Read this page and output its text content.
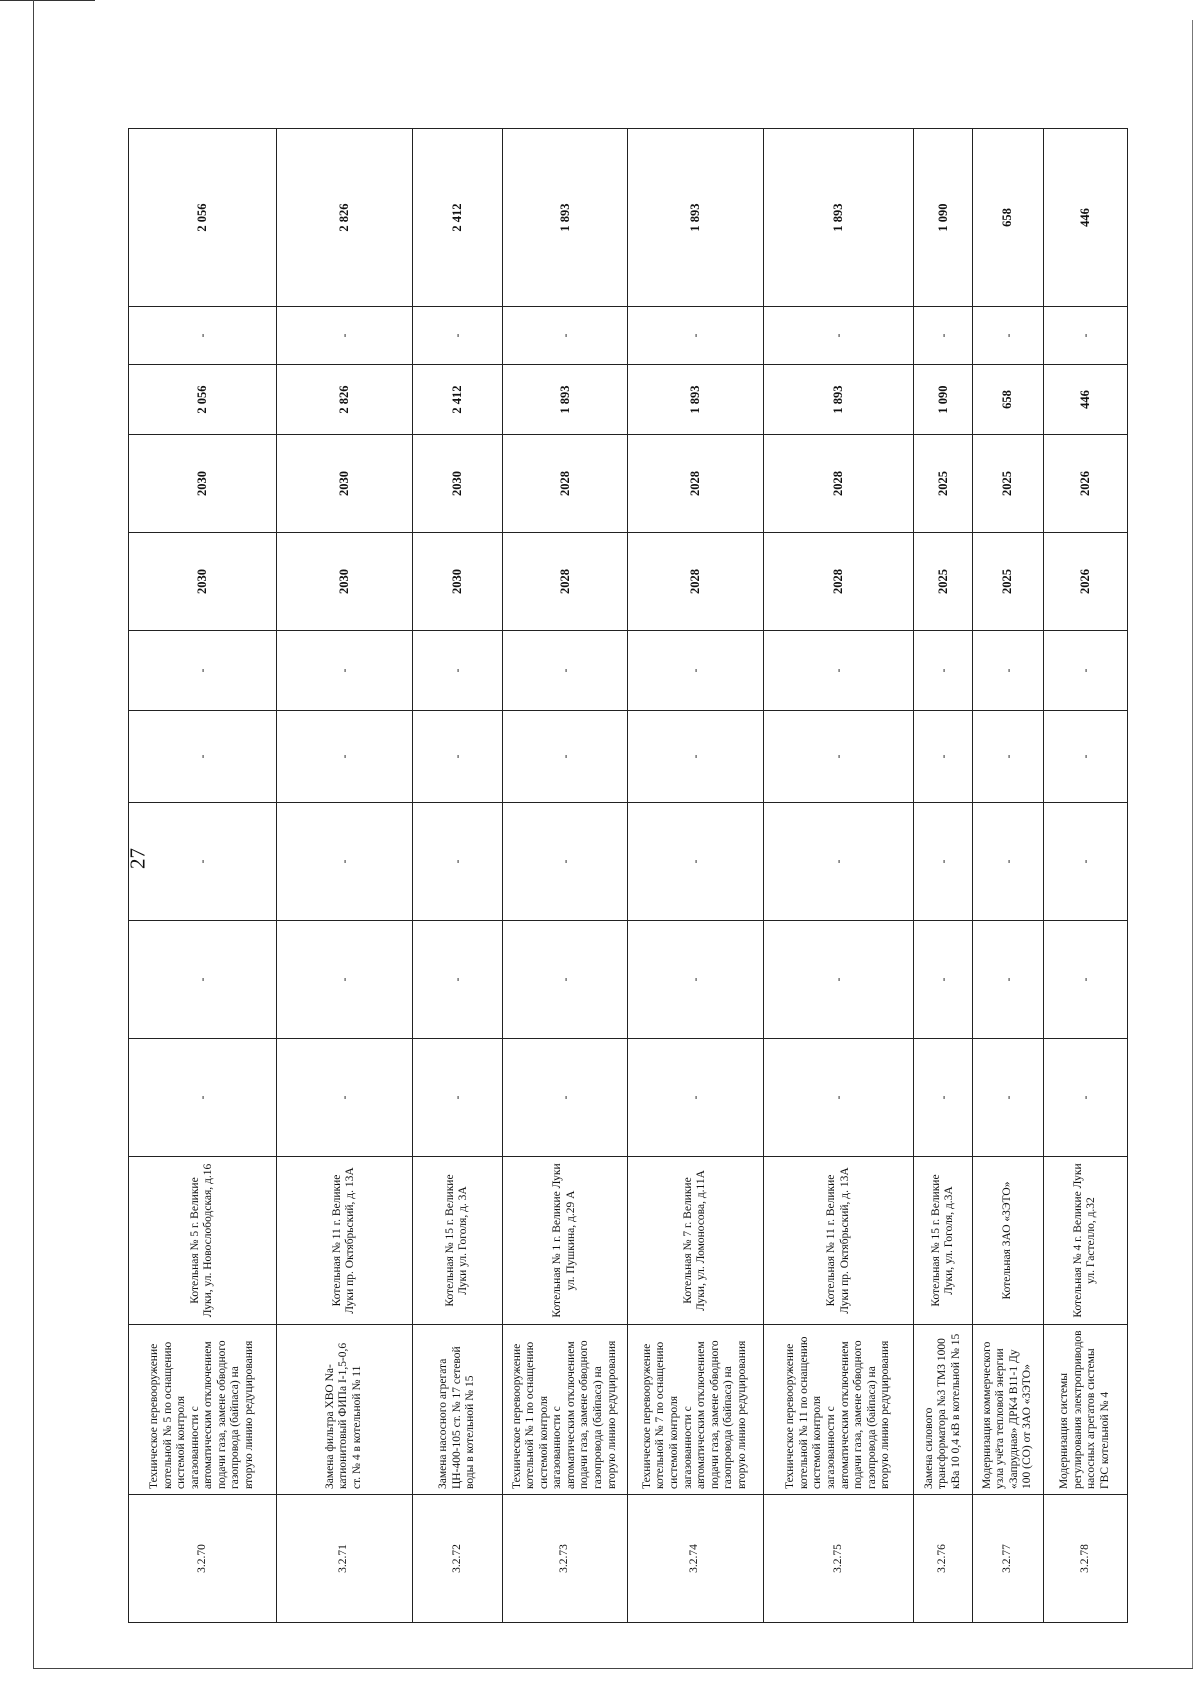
27
3.2.70	Техническое перевооружение котельной № 5 по оснащению системой контроля загазованности с автоматическим отключением подачи газа, замене обводного газопровода (байпаса) на вторую линию редуцирования	Котельная № 5 г. Великие Луки, ул. Новослободская, д.16	-	-	-	-	-	2030	2030	2 056	-	2 056
3.2.71	Замена фильтра ХВО Na-катионитовый ФИПа I-1,5-0,6 ст. № 4 в котельной № 11	Котельная № 11 г. Великие Луки пр. Октябрьский, д. 13А	-	-	-	-	-	2030	2030	2 826	-	2 826
3.2.72	Замена насосного агрегата ЦН-400-105 ст. № 17 сетевой воды в котельной № 15	Котельная № 15 г. Великие Луки ул. Гоголя, д. 3А	-	-	-	-	-	2030	2030	2 412	-	2 412
3.2.73	Техническое перевооружение котельной № 1 по оснащению системой контроля загазованности с автоматическим отключением подачи газа, замене обводного газопровода (байпаса) на вторую линию редуцирования	Котельная № 1 г. Великие Луки ул. Пушкина, д.29 А	-	-	-	-	-	2028	2028	1 893	-	1 893
3.2.74	Техническое перевооружение котельной № 7 по оснащению системой контроля загазованности с автоматическим отключением подачи газа, замене обводного газопровода (байпаса) на вторую линию редуцирования	Котельная № 7 г. Великие Луки, ул. Ломоносова, д.11А	-	-	-	-	-	2028	2028	1 893	-	1 893
3.2.75	Техническое перевооружение котельной № 11 по оснащению системой контроля загазованности с автоматическим отключением подачи газа, замене обводного газопровода (байпаса) на вторую линию редуцирования	Котельная № 11 г. Великие Луки пр. Октябрьский, д. 13А	-	-	-	-	-	2028	2028	1 893	-	1 893
3.2.76	Замена силового трансформатора №3 ТМЗ 1000 кВа 10 0,4 кВ в котельной № 15	Котельная № 15 г. Великие Луки, ул. Гоголя, д.3А	-	-	-	-	-	2025	2025	1 090	-	1 090
3.2.77	Модернизация коммерческого узла учёта тепловой энергии «Запрудная» ДРК4 В11-1 Ду 100 (СО) от ЗАО «ЗЭТО»	Котельная ЗАО «ЗЭТО»	-	-	-	-	-	2025	2025	658	-	658
3.2.78	Модернизация системы регулирования электроприводов насосных агрегатов системы ГВС котельной № 4	Котельная № 4 г. Великие Луки ул. Гастелло, д.32	-	-	-	-	-	2026	2026	446	-	446
